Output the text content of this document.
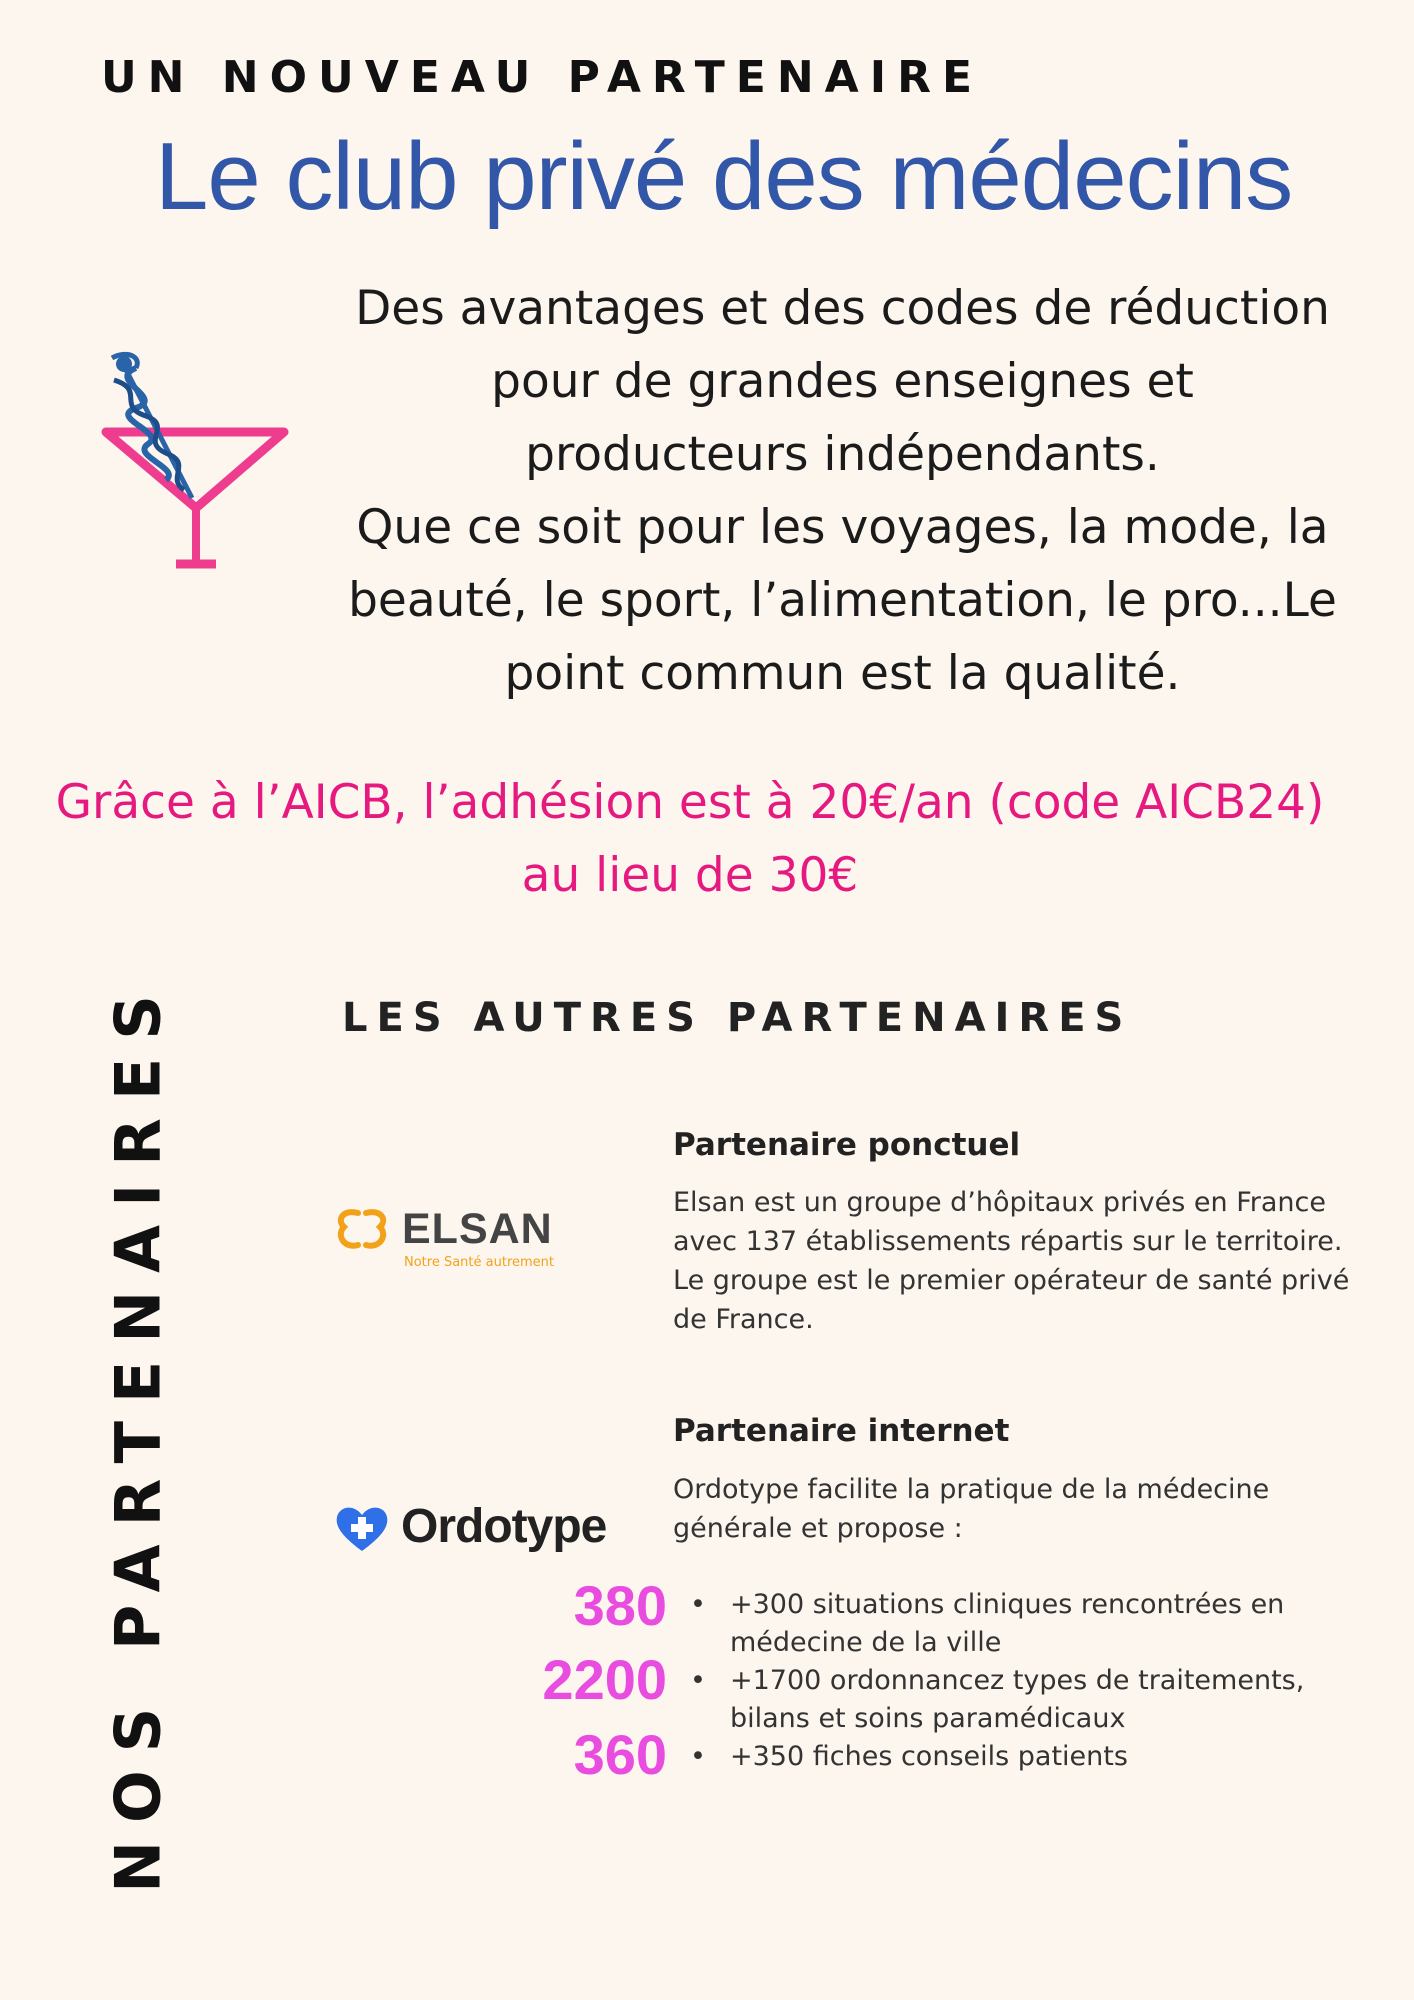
UN NOUVEAU PARTENAIRE
Le club privé des médecins

Des avantages et des codes de réduction

pour de grandes enseignes et

producteurs indépendants.

Que ce soit pour les voyages, la mode, la

beauté, le sport, l’alimentation, le pro...Le

point commun est la qualité.

Grâce à l’AICB, l’adhésion est à 20€/an (code AICB24)

au lieu de 30€

NOS PARTENAIRES	LES AUTRES PARTENAIRES
ELSAN
Notre Santé autrement
Partenaire ponctuel

Elsan est un groupe d’hôpitaux privés en France

avec 137 établissements répartis sur le territoire.

Le groupe est le premier opérateur de santé privé

de France.

Ordotype
Partenaire internet

Ordotype facilite la pratique de la médecine

générale et propose :

380
2200
360
• +300 situations cliniques rencontrées en médecine de la ville
• +1700 ordonnancez types de traitements, bilans et soins paramédicaux
• +350 fiches conseils patients
